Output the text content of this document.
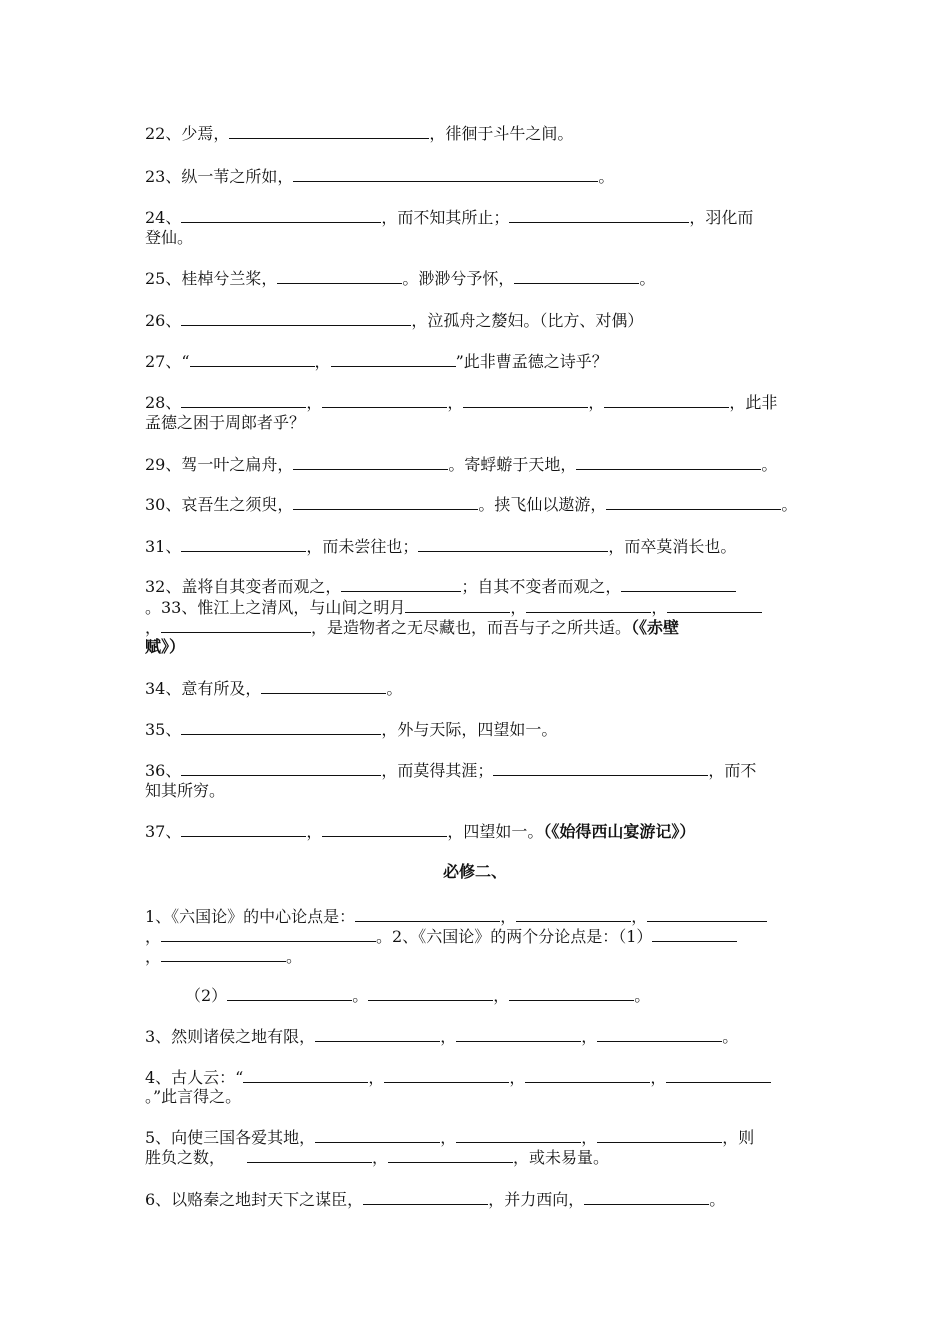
22、少焉，	，徘徊于斗牛之间。
23、纵一苇之所如，	。
24、	，而不知其所止；	，羽化而
登仙。
25、桂棹兮兰桨，	。渺渺兮予怀，	。
26、	，泣孤舟之嫠妇。（比方、对偶）
27、“	，	”此非曹孟德之诗乎？
28、	，	，	，	，此非
孟德之困于周郎者乎？
29、驾一叶之扁舟，	。寄蜉蝣于天地，	。
30、哀吾生之须臾，	。挟飞仙以遨游，	。
31、	，而未尝往也；	，而卒莫消长也。
32、盖将自其变者而观之，	；自其不变者而观之，
。33、惟江上之清风，与山间之明月	，	，
，	，是造物者之无尽藏也，而吾与子之所共适。（《赤壁
赋》）
34、意有所及，	。
35、	，外与天际，四望如一。
36、	，而莫得其涯；	，而不
知其所穷。
37、	，	，四望如一。（《始得西山宴游记》）
必修二、
1、《六国论》的中心论点是：	，	，
，	。2、《六国论》的两个分论点是：（1）
，	。
（2）	。	，	。
3、然则诸侯之地有限，	，	，	。
4、古人云：“	，	，	，
。”此言得之。
5、向使三国各爱其地，	，	，	，则
胜负之数，	，	，或未易量。
6、以赂秦之地封天下之谋臣，	，并力西向，	。
